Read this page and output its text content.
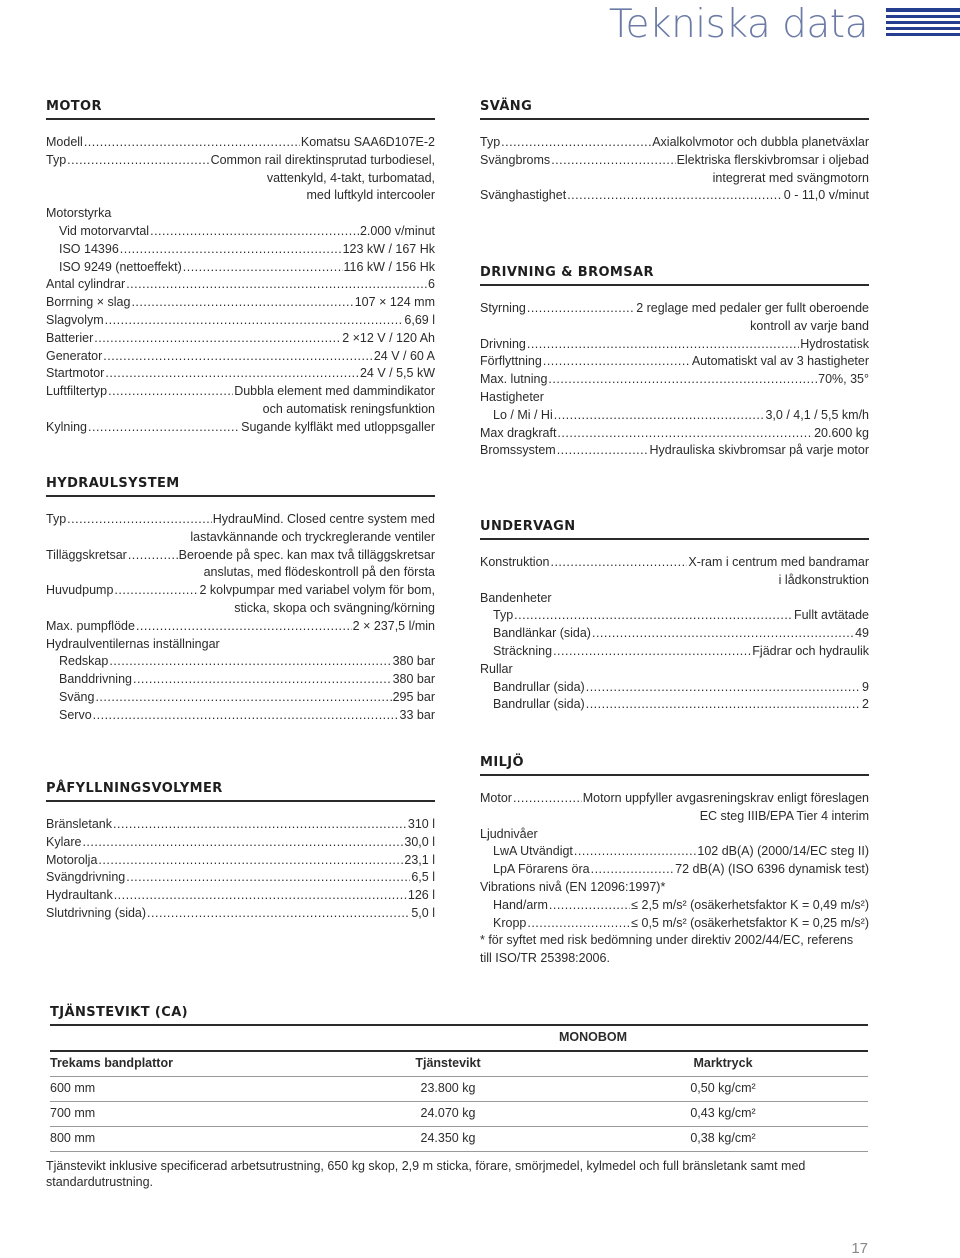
Tekniska data
MOTOR
Modell .....	Komatsu SAA6D107E-2
Typ .....	Common rail direktinsprutad turbodiesel,
vattenkyld, 4-takt, turbomatad,
med luftkyld intercooler
Motorstyrka
Vid motorvarvtal .....	2.000 v/minut
ISO 14396 .....	123 kW / 167 Hk
ISO 9249 (nettoeffekt) .....	116 kW / 156 Hk
Antal cylindrar .....	6
Borrning × slag .....	107 × 124 mm
Slagvolym .....	6,69 l
Batterier .....	2 ×12 V / 120 Ah
Generator .....	24 V / 60 A
Startmotor .....	24 V / 5,5 kW
Luftfiltertyp .....	Dubbla element med dammindikator
och automatisk reningsfunktion
Kylning .....	Sugande kylfläkt med utloppsgaller
SVÄNG
Typ .....	Axialkolvmotor och dubbla planetväxlar
Svängbroms .....	Elektriska flerskivbromsar i oljebad
integrerat med svängmotorn
Svänghastighet .....	0 - 11,0 v/minut
DRIVNING & BROMSAR
Styrning .....	2 reglage med pedaler ger fullt oberoende
kontroll av varje band
Drivning .....	Hydrostatisk
Förflyttning .....	Automatiskt val av 3 hastigheter
Max. lutning .....	70%, 35°
Hastigheter
Lo / Mi / Hi .....	3,0 / 4,1 / 5,5 km/h
Max dragkraft .....	20.600 kg
Bromssystem .....	Hydrauliska skivbromsar på varje motor
HYDRAULSYSTEM
Typ .....	HydrauMind. Closed centre system med
lastavkännande och tryckreglerande ventiler
Tilläggskretsar .....	Beroende på spec. kan max två tilläggskretsar
anslutas, med flödeskontroll på den första
Huvudpump .....	2 kolvpumpar med variabel volym för bom,
sticka, skopa och svängning/körning
Max. pumpflöde .....	2 × 237,5 l/min
Hydraulventilernas inställningar
Redskap .....	380 bar
Banddrivning .....	380 bar
Sväng .....	295 bar
Servo .....	33 bar
UNDERVAGN
Konstruktion .....	X-ram i centrum med bandramar
i lådkonstruktion
Bandenheter
Typ .....	Fullt avtätade
Bandlänkar (sida) .....	49
Sträckning .....	Fjädrar och hydraulik
Rullar
Bandrullar (sida) .....	9
Bandrullar (sida) .....	2
MILJÖ
Motor .....	Motorn uppfyller avgasreningskrav enligt föreslagen
EC steg IIIB/EPA Tier 4 interim
Ljudnivåer
LwA Utvändigt .....	102 dB(A) (2000/14/EC steg II)
LpA Förarens öra .....	72 dB(A) (ISO 6396 dynamisk test)
Vibrations nivå (EN 12096:1997)*
Hand/arm .....	≤ 2,5 m/s² (osäkerhetsfaktor K = 0,49 m/s²)
Kropp .....	≤ 0,5 m/s² (osäkerhetsfaktor K = 0,25 m/s²)
* för syftet med risk bedömning under direktiv 2002/44/EC, referens
till ISO/TR 25398:2006.
PÅFYLLNINGSVOLYMER
Bränsletank .....	310 l
Kylare .....	30,0 l
Motorolja .....	23,1 l
Svängdrivning .....	6,5 l
Hydraultank .....	126 l
Slutdrivning (sida) .....	5,0 l
TJÄNSTEVIKT (CA)
	MONOBOM	
Trekams bandplattor	Tjänstevikt	Marktryck
600 mm	23.800 kg	0,50 kg/cm²
700 mm	24.070 kg	0,43 kg/cm²
800 mm	24.350 kg	0,38 kg/cm²
Tjänstevikt inklusive specificerad arbetsutrustning, 650 kg skop, 2,9 m sticka, förare, smörjmedel, kylmedel och full bränsletank samt med standardutrustning.
17
